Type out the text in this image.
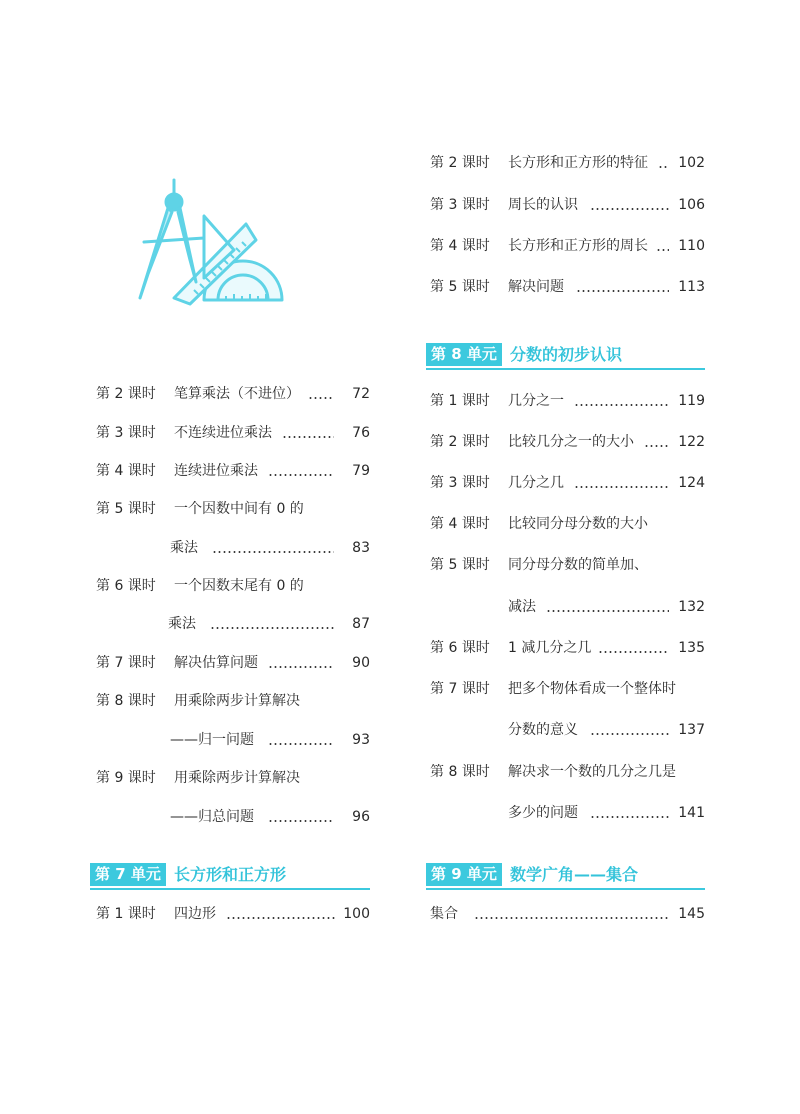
第 2 课时 笔算乘法（不进位）	72
第 3 课时 不连续进位乘法	76
第 4 课时 连续进位乘法	79
第 5 课时 一个因数中间有 0 的
乘法	83
第 6 课时 一个因数末尾有 0 的
乘法	87
第 7 课时 解决估算问题	90
第 8 课时 用乘除两步计算解决
——归一问题	93
第 9 课时 用乘除两步计算解决
——归总问题	96
第 7 单元 长方形和正方形
第 1 课时 四边形	100
第 2 课时 长方形和正方形的特征 102
第 3 课时 周长的认识	106
第 4 课时 长方形和正方形的周长 110
第 5 课时 解决问题	113
第 8 单元 分数的初步认识
第 1 课时 几分之一	119
第 2 课时 比较几分之一的大小	122
第 3 课时 几分之几	124
第 4 课时 比较同分母分数的大小
第 5 课时 同分母分数的简单加、
减法	132
第 6 课时 1 减几分之几	135
第 7 课时 把多个物体看成一个整体时
分数的意义	137
第 8 课时 解决求一个数的几分之几是
多少的问题	141
第 9 单元 数学广角——集合
集合	145
